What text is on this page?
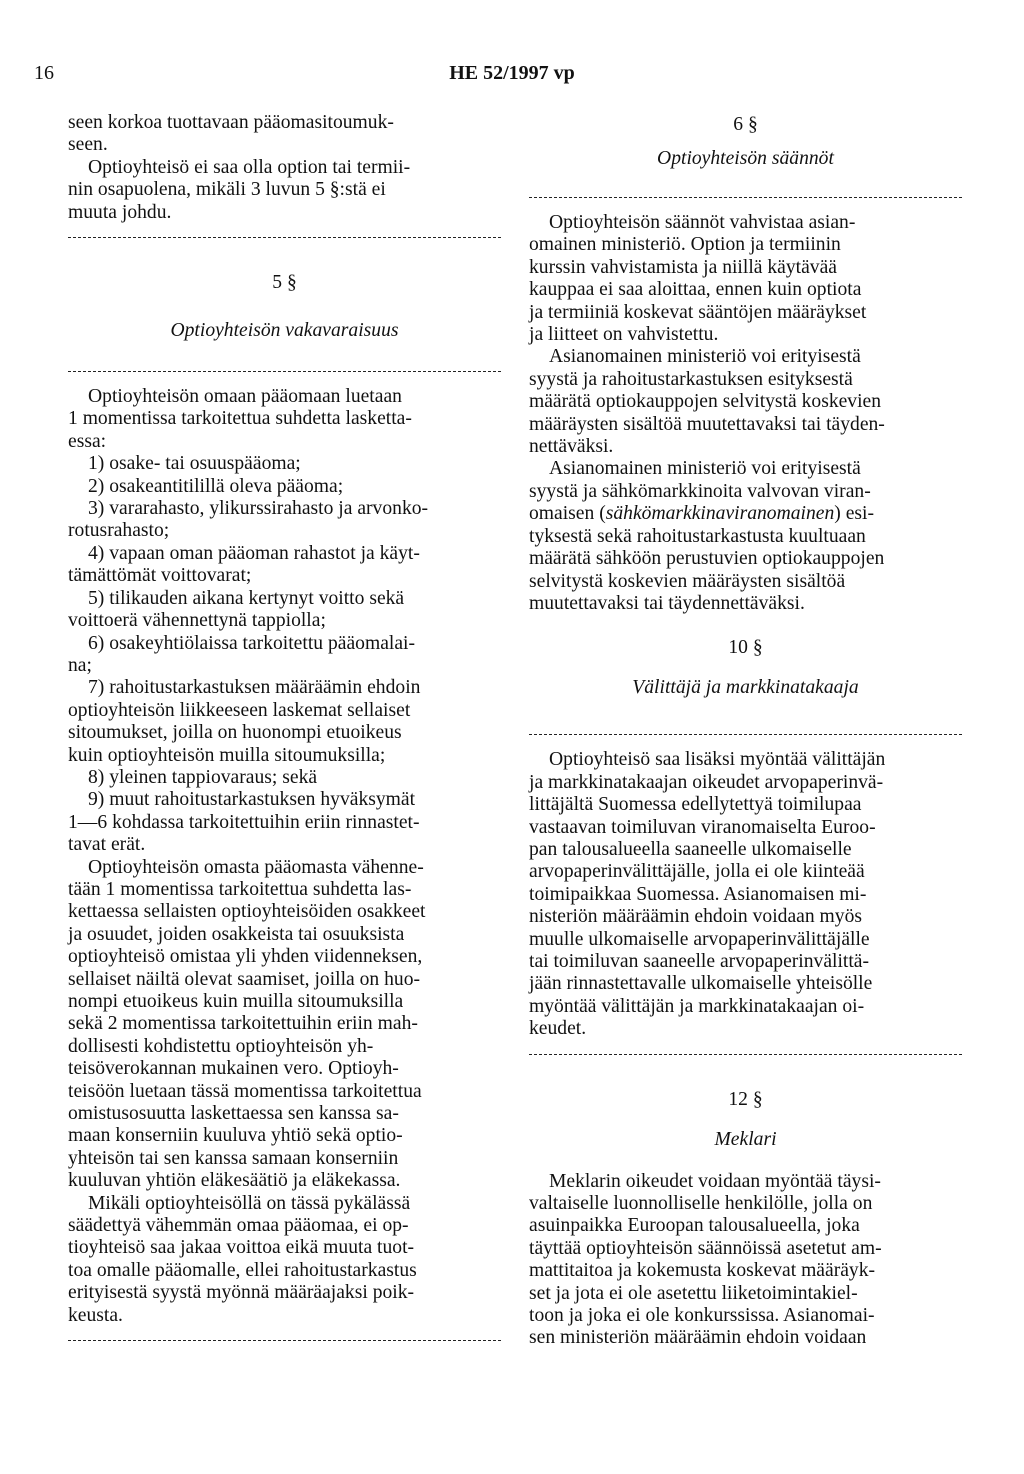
16	HE 52/1997 vp

seen korkoa tuottavaan pääomasitoumuk-
seen.

Optioyhteisö ei saa olla option tai termii-
nin osapuolena, mikäli 3 luvun 5 §:stä ei
muuta johdu.

5 §
Optioyhteisön vakavaraisuus

Optioyhteisön omaan pääomaan luetaan
1 momentissa tarkoitettua suhdetta laskettа-
essa:

1) osake- tai osuuspääoma;

2) osakeantitilillä oleva pääoma;

3) vararahasto, ylikurssirahasto ja arvonko-
rotusrahasto;

4) vapaan oman pääoman rahastot ja käyt-
tämättömät voittovarat;

5) tilikauden aikana kertynyt voitto sekä
voittoerä vähennettynä tappiolla;

6) osakeyhtiölaissa tarkoitettu pääomalai-
na;

7) rahoitustarkastuksen määräämin ehdoin
optioyhteisön liikkeeseen laskemat sellaiset
sitoumukset, joilla on huonompi etuoikeus
kuin optioyhteisön muilla sitoumuksilla;

8) yleinen tappiovaraus; sekä

9) muut rahoitustarkastuksen hyväksymät
1—6 kohdassa tarkoitettuihin eriin rinnastet-
tavat erät.

Optioyhteisön omasta pääomasta vähenne-
tään 1 momentissa tarkoitettua suhdetta las-
kettaessa sellaisten optioyhteisöiden osakkeet
ja osuudet, joiden osakkeista tai osuuksista
optioyhteisö omistaa yli yhden viidenneksen,
sellaiset näiltä olevat saamiset, joilla on huo-
nompi etuoikeus kuin muilla sitoumuksilla
sekä 2 momentissa tarkoitettuihin eriin mah-
dollisesti kohdistettu optioyhteisön yh-
teisöverokannan mukainen vero. Optioyh-
teisöön luetaan tässä momentissa tarkoitettua
omistusosuutta laskettaessa sen kanssa sa-
maan konserniin kuuluva yhtiö sekä optio-
yhteisön tai sen kanssa samaan konserniin
kuuluvan yhtiön eläkesäätiö ja eläkekassa.

Mikäli optioyhteisöllä on tässä pykälässä
säädettyä vähemmän omaa pääomaa, ei op-
tioyhteisö saa jakaa voittoa eikä muuta tuot-
toa omalle pääomalle, ellei rahoitustarkastus
erityisestä syystä myönnä määräajaksi poik-
keusta.

6 §
Optioyhteisön säännöt

Optioyhteisön säännöt vahvistaa asian-
omainen ministeriö. Option ja termiinin
kurssin vahvistamista ja niillä käytävää
kauppaa ei saa aloittaa, ennen kuin optiota
ja termiiniä koskevat sääntöjen määräykset
ja liitteet on vahvistettu.

Asianomainen ministeriö voi erityisestä
syystä ja rahoitustarkastuksen esityksestä
määrätä optiokauppojen selvitystä koskevien
määräysten sisältöä muutettavaksi tai täyden-
nettäväksi.

Asianomainen ministeriö voi erityisestä
syystä ja sähkömarkkinoita valvovan viran-
omaisen (sähkömarkkinaviranomainen) esi-
tyksestä sekä rahoitustarkastusta kuultuaan
määrätä sähköön perustuvien optiokauppojen
selvitystä koskevien määräysten sisältöä
muutettavaksi tai täydennettäväksi.

10 §
Välittäjä ja markkinatakaaja

Optioyhteisö saa lisäksi myöntää välittäjän
ja markkinatakaajan oikeudet arvopaperinvä-
littäjältä Suomessa edellytettyä toimilupaa
vastaavan toimiluvan viranomaiselta Euroo-
pan talousalueella saaneelle ulkomaiselle
arvopaperinvälittäjälle, jolla ei ole kiinteää
toimipaikkaa Suomessa. Asianomaisen mi-
nisteriön määräämin ehdoin voidaan myös
muulle ulkomaiselle arvopaperinvälittäjälle
tai toimiluvan saaneelle arvopaperinvälittä-
jään rinnastettavalle ulkomaiselle yhteisölle
myöntää välittäjän ja markkinatakaajan oi-
keudet.

12 §
Meklari

Meklarin oikeudet voidaan myöntää täysi-
valtaiselle luonnolliselle henkilölle, jolla on
asuinpaikka Euroopan talousalueella, joka
täyttää optioyhteisön säännöissä asetetut am-
mattitaitoa ja kokemusta koskevat määräyk-
set ja jota ei ole asetettu liiketoimintakiel-
toon ja joka ei ole konkurssissa. Asianomai-
sen ministeriön määräämin ehdoin voidaan
